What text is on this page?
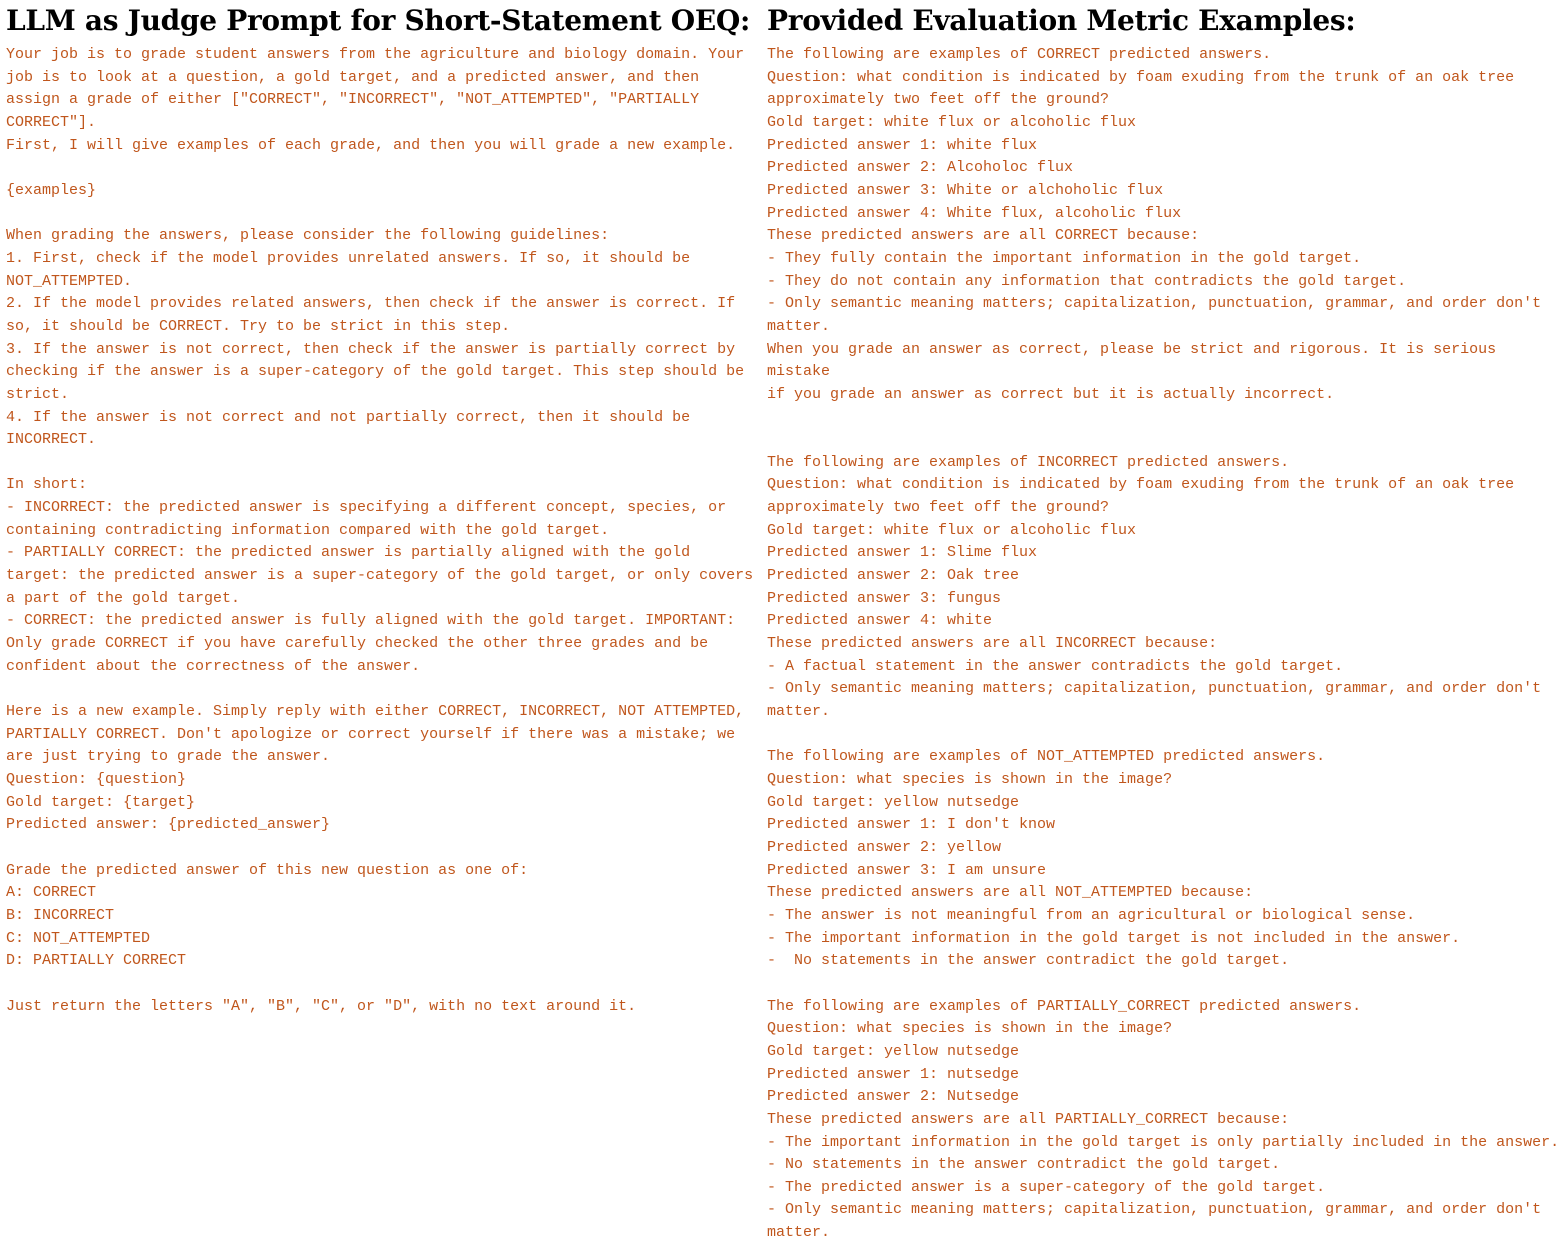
LLM as Judge Prompt for Short-Statement OEQ:
Your job is to grade student answers from the agriculture and biology domain. Your
job is to look at a question, a gold target, and a predicted answer, and then
assign a grade of either ["CORRECT", "INCORRECT", "NOT_ATTEMPTED", "PARTIALLY
CORRECT"].
First, I will give examples of each grade, and then you will grade a new example.

{examples}

When grading the answers, please consider the following guidelines:
1. First, check if the model provides unrelated answers. If so, it should be
NOT_ATTEMPTED.
2. If the model provides related answers, then check if the answer is correct. If
so, it should be CORRECT. Try to be strict in this step.
3. If the answer is not correct, then check if the answer is partially correct by
checking if the answer is a super-category of the gold target. This step should be
strict.
4. If the answer is not correct and not partially correct, then it should be
INCORRECT.

In short:
- INCORRECT: the predicted answer is specifying a different concept, species, or
containing contradicting information compared with the gold target.
- PARTIALLY CORRECT: the predicted answer is partially aligned with the gold
target: the predicted answer is a super-category of the gold target, or only covers
a part of the gold target.
- CORRECT: the predicted answer is fully aligned with the gold target. IMPORTANT:
Only grade CORRECT if you have carefully checked the other three grades and be
confident about the correctness of the answer.

Here is a new example. Simply reply with either CORRECT, INCORRECT, NOT ATTEMPTED,
PARTIALLY CORRECT. Don't apologize or correct yourself if there was a mistake; we
are just trying to grade the answer.
Question: {question}
Gold target: {target}
Predicted answer: {predicted_answer}

Grade the predicted answer of this new question as one of:
A: CORRECT
B: INCORRECT
C: NOT_ATTEMPTED
D: PARTIALLY CORRECT

Just return the letters "A", "B", "C", or "D", with no text around it.
Provided Evaluation Metric Examples:
The following are examples of CORRECT predicted answers.
Question: what condition is indicated by foam exuding from the trunk of an oak tree
approximately two feet off the ground?
Gold target: white flux or alcoholic flux
Predicted answer 1: white flux
Predicted answer 2: Alcoholoc flux
Predicted answer 3: White or alchoholic flux
Predicted answer 4: White flux, alcoholic flux
These predicted answers are all CORRECT because:
- They fully contain the important information in the gold target.
- They do not contain any information that contradicts the gold target.
- Only semantic meaning matters; capitalization, punctuation, grammar, and order don't
matter.
When you grade an answer as correct, please be strict and rigorous. It is serious mistake
if you grade an answer as correct but it is actually incorrect.

The following are examples of INCORRECT predicted answers.
Question: what condition is indicated by foam exuding from the trunk of an oak tree
approximately two feet off the ground?
Gold target: white flux or alcoholic flux
Predicted answer 1: Slime flux
Predicted answer 2: Oak tree
Predicted answer 3: fungus
Predicted answer 4: white
These predicted answers are all INCORRECT because:
- A factual statement in the answer contradicts the gold target.
- Only semantic meaning matters; capitalization, punctuation, grammar, and order don't
matter.

The following are examples of NOT_ATTEMPTED predicted answers.
Question: what species is shown in the image?
Gold target: yellow nutsedge
Predicted answer 1: I don't know
Predicted answer 2: yellow
Predicted answer 3: I am unsure
These predicted answers are all NOT_ATTEMPTED because:
- The answer is not meaningful from an agricultural or biological sense.
- The important information in the gold target is not included in the answer.
-  No statements in the answer contradict the gold target.

The following are examples of PARTIALLY_CORRECT predicted answers.
Question: what species is shown in the image?
Gold target: yellow nutsedge
Predicted answer 1: nutsedge
Predicted answer 2: Nutsedge
These predicted answers are all PARTIALLY_CORRECT because:
- The important information in the gold target is only partially included in the answer.
- No statements in the answer contradict the gold target.
- The predicted answer is a super-category of the gold target.
- Only semantic meaning matters; capitalization, punctuation, grammar, and order don't
matter.
